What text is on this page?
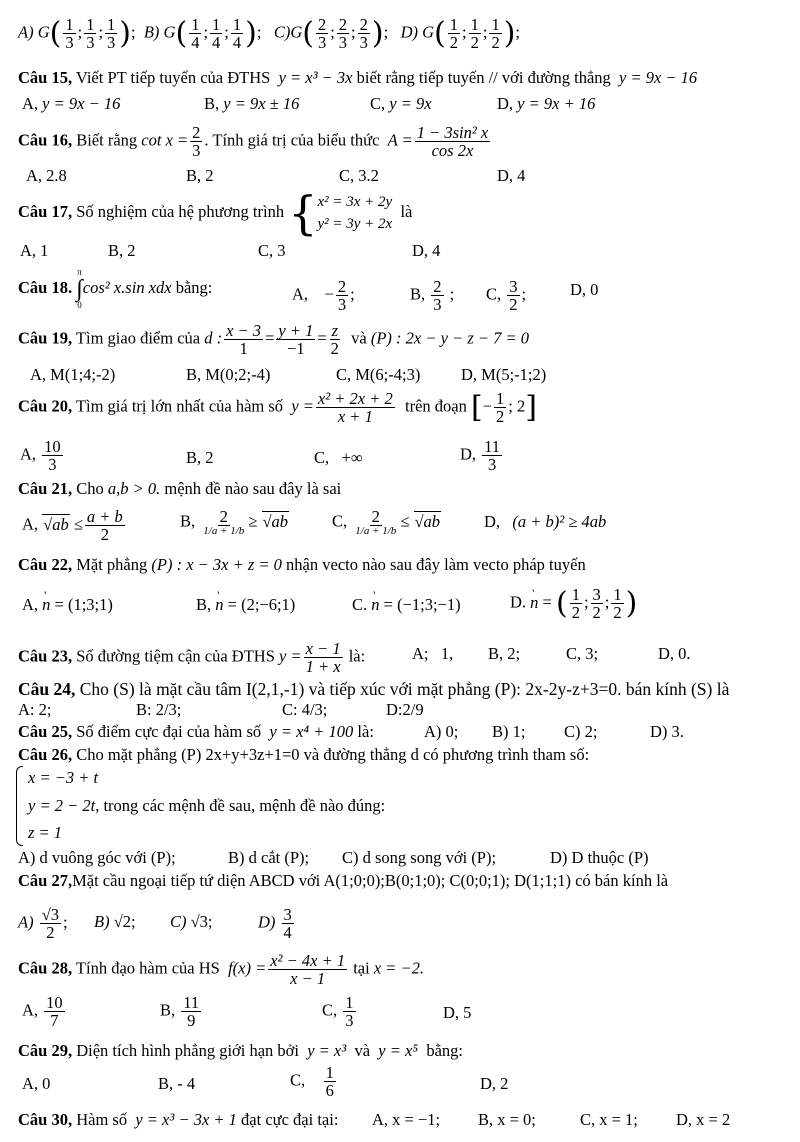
A) $G( \frac{1}{3}$ ; $\frac{1}{3}$ ; $\frac{1}{3}$ );  B) $G( \frac{1}{4}$ ; $\frac{1}{4}$ ; $\frac{1}{4}$ );   $C)G( \frac{2}{3}$ ; $\frac{2}{3}$ ; $\frac{2}{3}$ );   D) $G( \frac{1}{2}$ ; $\frac{1}{2}$ ; $\frac{1}{2}$ );
Câu 15, Viết PT tiếp tuyến của ĐTHS y = x³ − 3x biết rằng tiếp tuyến // với đường thẳng y = 9x − 16
A, y = 9x − 16	B, y = 9x ± 16	C, y = 9x	D, y = 9x + 16
Câu 16, Biết rằng $\cot x = \frac{2}{3}$ . Tính giá trị của biểu thức $A = \frac{\text{1 − 3sin² x}}{\cos 2x}$
A, 2.8	B, 2	C, 3.2	D, 4
Câu 17, Số nghiệm của hệ phương trình { x² = 3x + 2y
y² = 3y + 2x
là
A, 1	B, 2	C, 3	D, 4
Câu 18.
π
∫
0
cos² x.sin xdx bằng:	A, − $\frac{2}{3}$ ;	B, $\frac{2}{3}$ ; C, $\frac{3}{2}$ ;	D, 0
Câu 19, Tìm giao điểm của d : $\frac{x - 3}{1} = \frac{y + 1}{-1} = \frac{z}{2}$ và (P) : 2x − y − z − 7 = 0
A, M(1;4;-2)	B, M(0;2;-4)	C, M(6;-4;3) D, M(5;-1;2)
Câu 20, Tìm giá trị lớn nhất của hàm số $y = \frac{\text{x² + 2x + 2}}{x + 1}$ trên đoạn [− $\frac{1}{2}$ ; 2]
A, $\frac{10}{3}$	B, 2	C, +∞	D, $\frac{11}{3}$
Câu 21, Cho a,b > 0. mệnh đề nào sau đây là sai
A, $√ab \le \frac{a + b}{2}$	B, $\frac{2}{1/a + 1/b} \ge √ab$	C, $\frac{2}{1/a + 1/b} \le √ab$	D, (a + b)² ≥ 4ab
Câu 22, Mặt phẳng (P) : x − 3x + z = 0 nhận vecto nào sau đây làm vecto pháp tuyến
A, ' n = (1;3;1)	B, ' n = (2;−6;1)	C. ' n = (−1;3;−1)	D. ' n = ( $\frac{1}{2}$ ; $\frac{3}{2}$ ; $\frac{1}{2}$ )
Câu 23, Số đường tiệm cận của ĐTHS $y = \frac{x - 1}{1 + x}$ là:	A; 1, B, 2;	C, 3;	D, 0.
Câu 24, Cho (S) là mặt cầu tâm I(2,1,-1) và tiếp xúc với mặt phẳng (P): 2x-2y-z+3=0. bán kính (S) là
A: 2;	B: 2/3;	C: 4/3;	D:2/9
Câu 25, Số điểm cực đại của hàm số y = x⁴ + 100 là:	A) 0; B) 1; C) 2;	D) 3.
Câu 26, Cho mặt phẳng (P) 2x+y+3z+1=0 và đường thẳng d có phương trình tham số:
x = −3 + t
y = 2 − 2t, trong các mệnh đề sau, mệnh đề nào đúng:
z = 1
A) d vuông góc với (P);	B) d cắt (P); C) d song song với (P);	D) D thuộc (P)
Câu 27,Mặt cầu ngoại tiếp tứ diện ABCD với A(1;0;0);B(0;1;0); C(0;0;1); D(1;1;1) có bán kính là
$A) \frac{√3}{2}$ ; B) √2; C) √3;	$D) \frac{3}{4}$
Câu 28, Tính đạo hàm của HS $f(x) = \frac{\text{x² − 4x + 1}}{x - 1}$ tại x = −2.
A, $\frac{10}{7}$	B, $\frac{11}{9}$	C, $\frac{1}{3}$	D, 5
Câu 29, Diện tích hình phẳng giới hạn bởi y = x³ và y = x⁵ bằng:
A, 0	B, - 4	C, $\frac{1}{6}$	D, 2
Câu 30, Hàm số y = x³ − 3x + 1 đạt cực đại tại: A, x = −1; B, x = 0;	C, x = 1; D, x = 2
